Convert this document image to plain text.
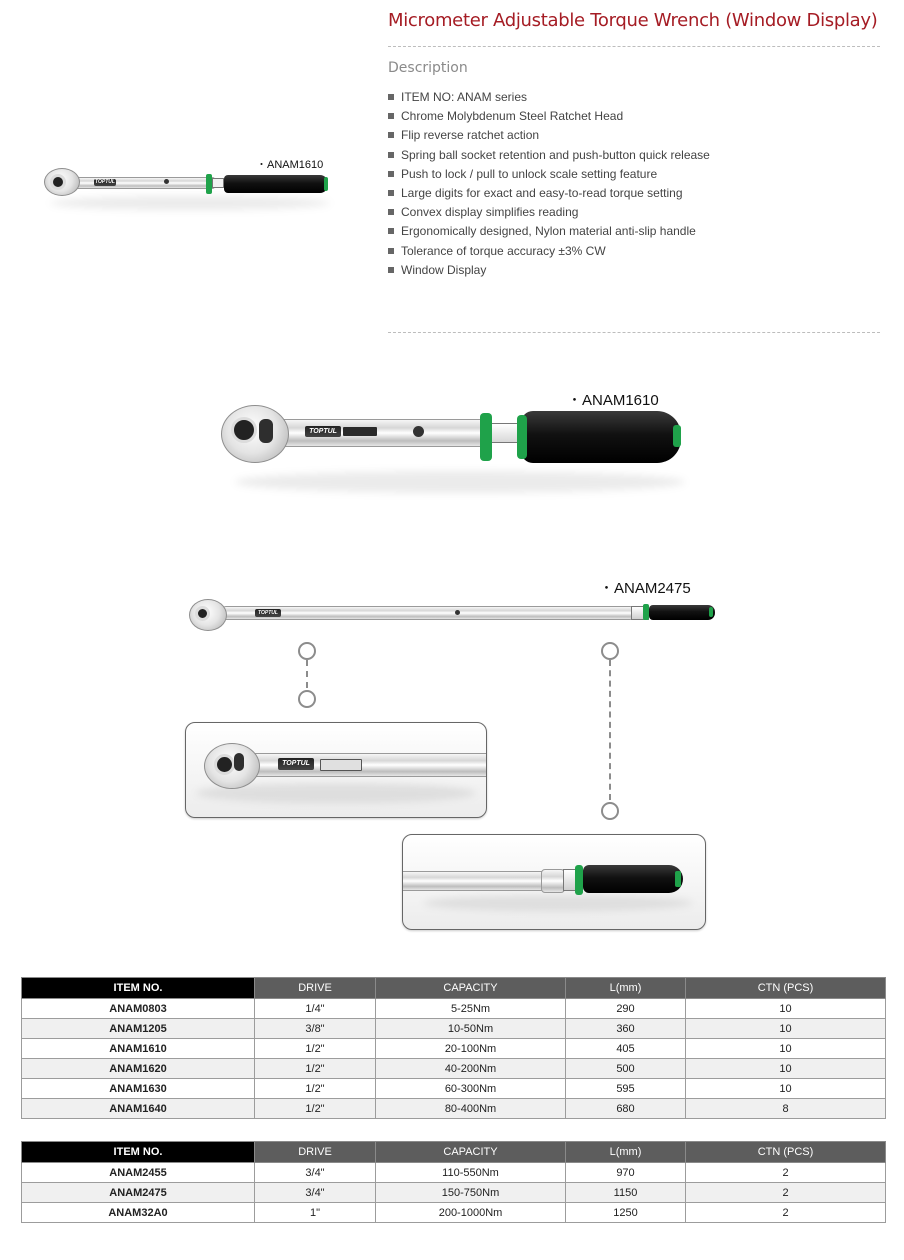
Micrometer Adjustable Torque Wrench (Window Display)
Description
ITEM NO: ANAM series
Chrome Molybdenum Steel Ratchet Head
Flip reverse ratchet action
Spring ball socket retention and push-button quick release
Push to lock / pull to unlock scale setting feature
Large digits for exact and easy-to-read torque setting
Convex display simplifies reading
Ergonomically designed, Nylon material anti-slip handle
Tolerance of torque accuracy ±3% CW
Window Display
・ANAM1610
TOPTUL
・ANAM1610
TOPTUL
・ANAM2475
TOPTUL
TOPTUL
ITEM NO.	DRIVE	CAPACITY	L(mm)	CTN (PCS)
ANAM0803	1/4"	5-25Nm	290	10
ANAM1205	3/8"	10-50Nm	360	10
ANAM1610	1/2"	20-100Nm	405	10
ANAM1620	1/2"	40-200Nm	500	10
ANAM1630	1/2"	60-300Nm	595	10
ANAM1640	1/2"	80-400Nm	680	8
ITEM NO.	DRIVE	CAPACITY	L(mm)	CTN (PCS)
ANAM2455	3/4"	110-550Nm	970	2
ANAM2475	3/4"	150-750Nm	1150	2
ANAM32A0	1"	200-1000Nm	1250	2
